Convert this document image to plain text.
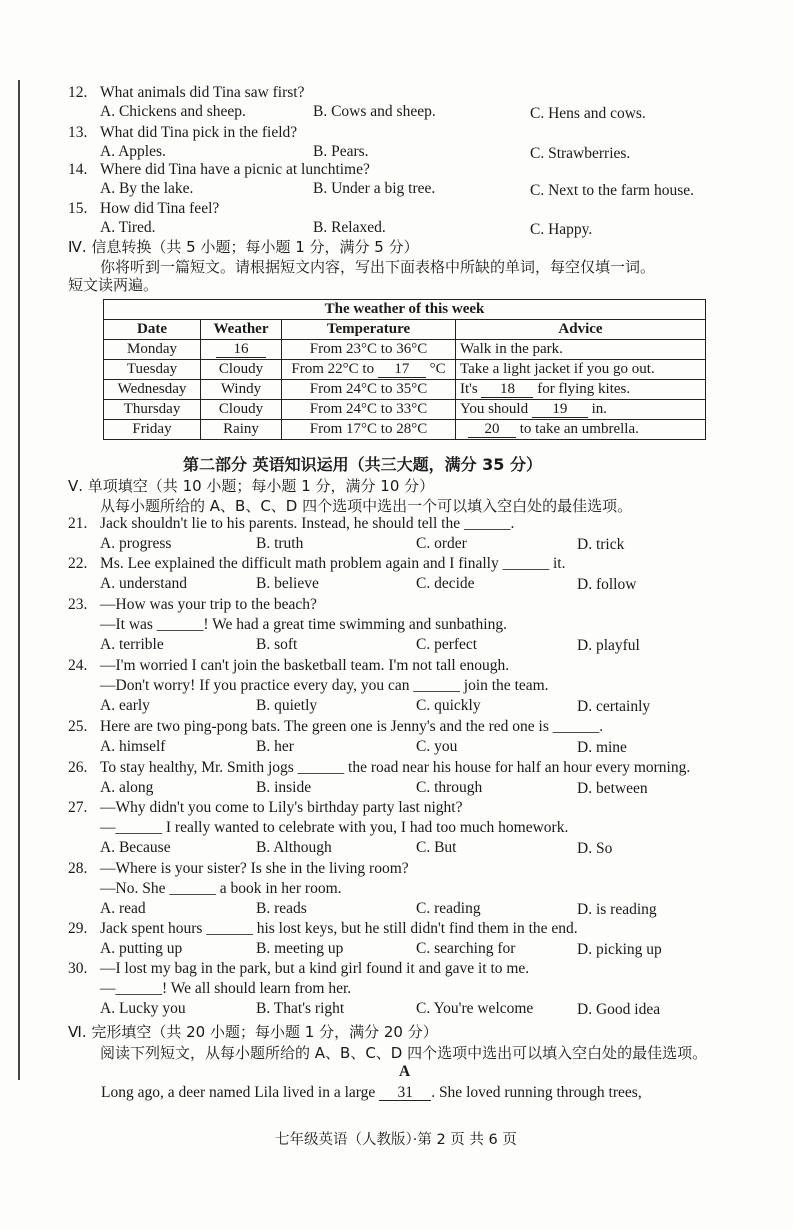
12. What animals did Tina saw first?
A. Chickens and sheep.	B. Cows and sheep.	C. Hens and cows.
13. What did Tina pick in the field?
A. Apples.	B. Pears.	C. Strawberries.
14. Where did Tina have a picnic at lunchtime?
A. By the lake.	B. Under a big tree.	C. Next to the farm house.
15. How did Tina feel?
A. Tired.	B. Relaxed.	C. Happy.
Ⅳ. 信息转换（共 5 小题；每小题 1 分，满分 5 分）
你将听到一篇短文。请根据短文内容，写出下面表格中所缺的单词，每空仅填一词。
短文读两遍。
The weather of this week			
Date	Weather	Temperature	Advice
Monday	16	From 23°C to 36°C	Walk in the park.
Tuesday	Cloudy	From 22°C to 17 °C	Take a light jacket if you go out.
Wednesday	Windy	From 24°C to 35°C	It's 18 for flying kites.
Thursday	Cloudy	From 24°C to 33°C	You should 19 in.
Friday	Rainy	From 17°C to 28°C	20 to take an umbrella.
第二部分 英语知识运用（共三大题，满分 35 分）
Ⅴ. 单项填空（共 10 小题；每小题 1 分，满分 10 分）
从每小题所给的 A、B、C、D 四个选项中选出一个可以填入空白处的最佳选项。
21. Jack shouldn't lie to his parents. Instead, he should tell the ______.
A. progress	B. truth	C. order	D. trick
22. Ms. Lee explained the difficult math problem again and I finally ______ it.
A. understand	B. believe	C. decide	D. follow
23. —How was your trip to the beach?
—It was ______! We had a great time swimming and sunbathing.
A. terrible	B. soft	C. perfect	D. playful
24. —I'm worried I can't join the basketball team. I'm not tall enough.
—Don't worry! If you practice every day, you can ______ join the team.
A. early	B. quietly	C. quickly	D. certainly
25. Here are two ping-pong bats. The green one is Jenny's and the red one is ______.
A. himself	B. her	C. you	D. mine
26. To stay healthy, Mr. Smith jogs ______ the road near his house for half an hour every morning.
A. along	B. inside	C. through	D. between
27. —Why didn't you come to Lily's birthday party last night?
—______ I really wanted to celebrate with you, I had too much homework.
A. Because	B. Although	C. But	D. So
28. —Where is your sister? Is she in the living room?
—No. She ______ a book in her room.
A. read	B. reads	C. reading	D. is reading
29. Jack spent hours ______ his lost keys, but he still didn't find them in the end.
A. putting up	B. meeting up	C. searching for	D. picking up
30. —I lost my bag in the park, but a kind girl found it and gave it to me.
—______! We all should learn from her.
A. Lucky you	B. That's right	C. You're welcome	D. Good idea
Ⅵ. 完形填空（共 20 小题；每小题 1 分，满分 20 分）
阅读下列短文，从每小题所给的 A、B、C、D 四个选项中选出可以填入空白处的最佳选项。
A
Long ago, a deer named Lila lived in a large 31 . She loved running through trees,
七年级英语（人教版）·第 2 页 共 6 页
